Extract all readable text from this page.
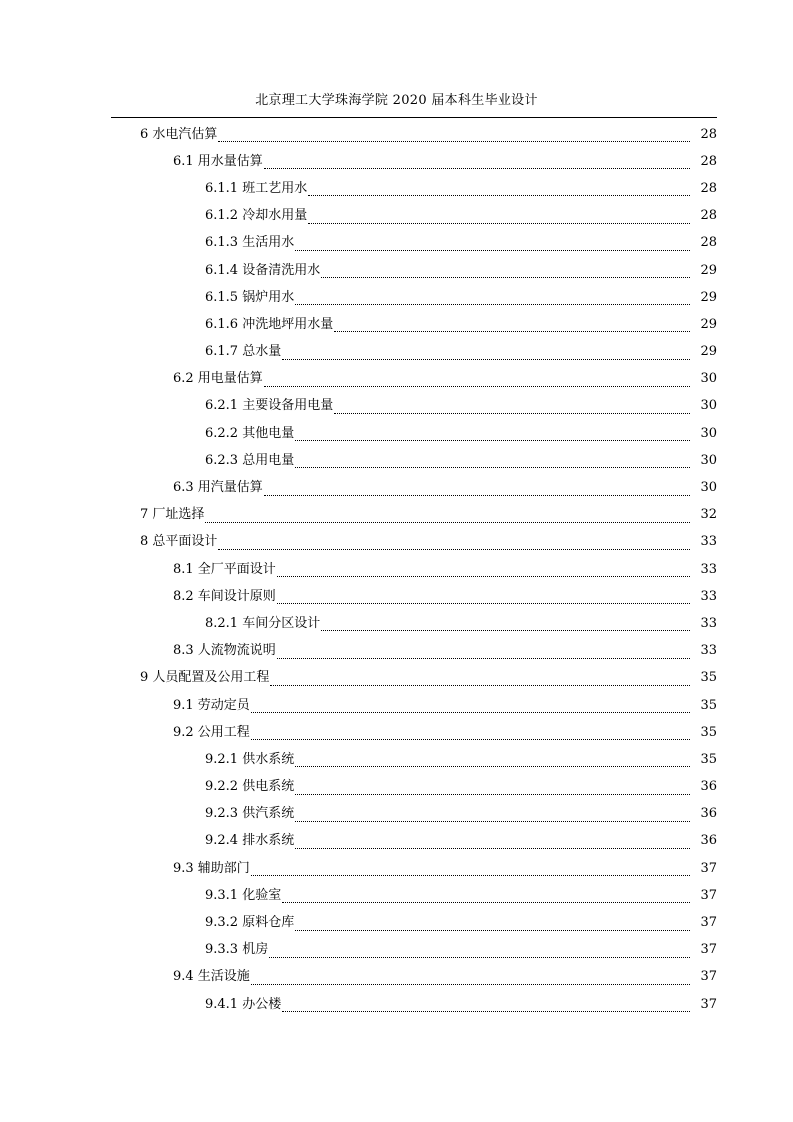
北京理工大学珠海学院 2020 届本科生毕业设计
6 水电汽估算	28
6.1 用水量估算	28
6.1.1 班工艺用水	28
6.1.2 冷却水用量	28
6.1.3 生活用水	28
6.1.4 设备清洗用水	29
6.1.5 锅炉用水	29
6.1.6 冲洗地坪用水量	29
6.1.7 总水量	29
6.2 用电量估算	30
6.2.1 主要设备用电量	30
6.2.2 其他电量	30
6.2.3 总用电量	30
6.3 用汽量估算	30
7 厂址选择	32
8 总平面设计	33
8.1 全厂平面设计	33
8.2 车间设计原则	33
8.2.1 车间分区设计	33
8.3 人流物流说明	33
9 人员配置及公用工程	35
9.1 劳动定员	35
9.2 公用工程	35
9.2.1 供水系统	35
9.2.2 供电系统	36
9.2.3 供汽系统	36
9.2.4 排水系统	36
9.3 辅助部门	37
9.3.1 化验室	37
9.3.2 原料仓库	37
9.3.3 机房	37
9.4 生活设施	37
9.4.1 办公楼	37
